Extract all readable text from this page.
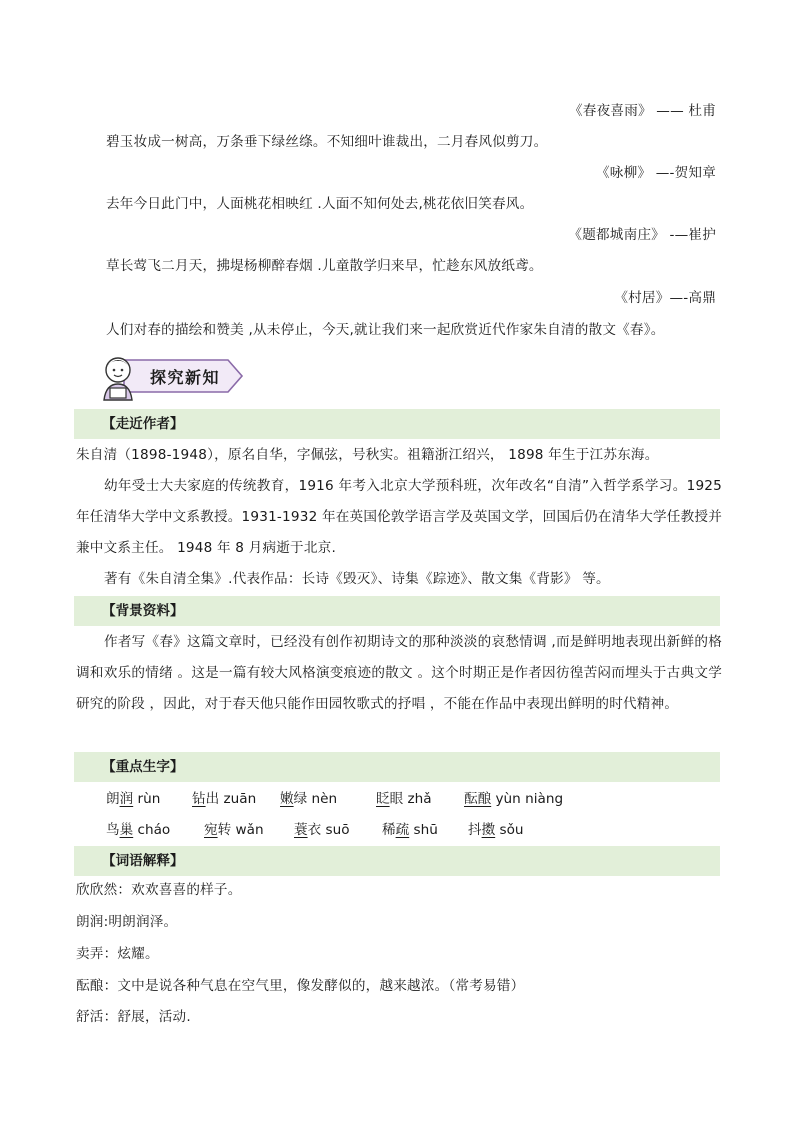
《春夜喜雨》 —— 杜甫
碧玉妆成一树高，万条垂下绿丝绦。不知细叶谁裁出，二月春风似剪刀。
《咏柳》 —-贺知章
去年今日此门中，人面桃花相映红 .人面不知何处去,桃花依旧笑春风。
《题都城南庄》 -—崔护
草长莺飞二月天，拂堤杨柳醉春烟 .儿童散学归来早，忙趁东风放纸鸢。
《村居》—-高鼎
人们对春的描绘和赞美 ,从未停止，今天,就让我们来一起欣赏近代作家朱自清的散文《春》。
探究新知
【走近作者】
朱自清（1898-1948），原名自华，字佩弦，号秋实。祖籍浙江绍兴， 1898 年生于江苏东海。
幼年受士大夫家庭的传统教育，1916 年考入北京大学预科班，次年改名“自清”入哲学系学习。1925 年任清华大学中文系教授。1931-1932 年在英国伦敦学语言学及英国文学，回国后仍在清华大学任教授并兼中文系主任。 1948 年 8 月病逝于北京.
著有《朱自清全集》.代表作品：长诗《毁灭》、诗集《踪迹》、散文集《背影》 等。
【背景资料】
作者写《春》这篇文章时，已经没有创作初期诗文的那种淡淡的哀愁情调 ,而是鲜明地表现出新鲜的格调和欢乐的情绪 。这是一篇有较大风格演变痕迹的散文 。这个时期正是作者因彷徨苦闷而埋头于古典文学研究的阶段 ，因此，对于春天他只能作田园牧歌式的抒唱 ，不能在作品中表现出鲜明的时代精神。
【重点生字】
朗润 rùn 钻出 zuān 嫩绿 nèn	眨眼 zhǎ 酝酿 yùn niàng
鸟巢 cháo 宛转 wǎn 蓑衣 suō 稀疏 shū 抖擞 sǒu
【词语解释】
欣欣然：欢欢喜喜的样子。
朗润:明朗润泽。
卖弄：炫耀。
酝酿：文中是说各种气息在空气里，像发酵似的，越来越浓。（常考易错）
舒活：舒展，活动.
